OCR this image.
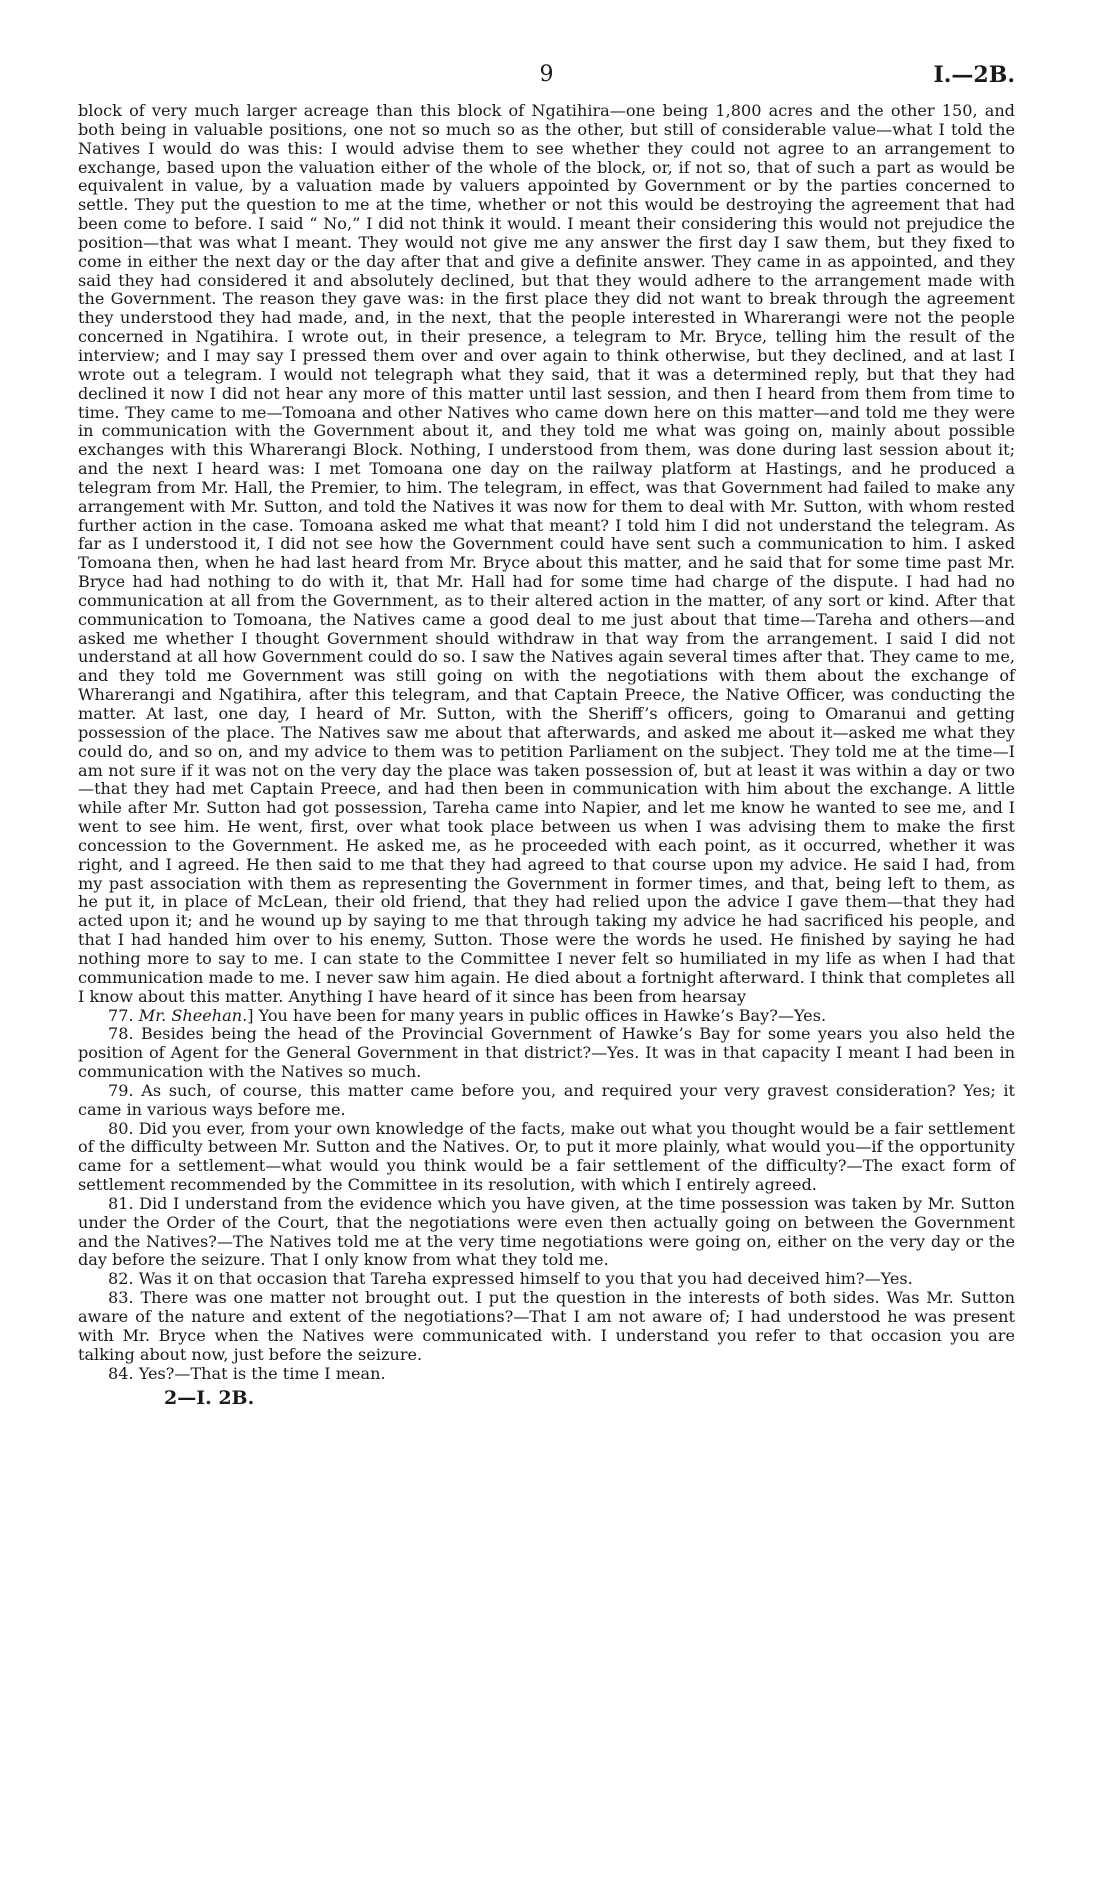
9	I.—2B.

block of very much larger acreage than this block of Ngatihira—one being 1,800 acres and the other 150, and both being in valuable positions, one not so much so as the other, but still of considerable value—what I told the Natives I would do was this: I would advise them to see whether they could not agree to an arrangement to exchange, based upon the valuation either of the whole of the block, or, if not so, that of such a part as would be equivalent in value, by a valuation made by valuers appointed by Government or by the parties concerned to settle. They put the question to me at the time, whether or not this would be destroying the agreement that had been come to before. I said “ No,” I did not think it would. I meant their considering this would not prejudice the position—that was what I meant. They would not give me any answer the first day I saw them, but they fixed to come in either the next day or the day after that and give a definite answer. They came in as appointed, and they said they had considered it and absolutely declined, but that they would adhere to the arrangement made with the Government. The reason they gave was: in the first place they did not want to break through the agreement they understood they had made, and, in the next, that the people interested in Wharerangi were not the people concerned in Ngatihira. I wrote out, in their presence, a telegram to Mr. Bryce, telling him the result of the interview; and I may say I pressed them over and over again to think otherwise, but they declined, and at last I wrote out a telegram. I would not telegraph what they said, that it was a determined reply, but that they had declined it now I did not hear any more of this matter until last session, and then I heard from them from time to time. They came to me—Tomoana and other Natives who came down here on this matter—and told me they were in communication with the Government about it, and they told me what was going on, mainly about possible exchanges with this Wharerangi Block. Nothing, I understood from them, was done during last session about it; and the next I heard was: I met Tomoana one day on the railway platform at Hastings, and he produced a telegram from Mr. Hall, the Premier, to him. The telegram, in effect, was that Government had failed to make any arrangement with Mr. Sutton, and told the Natives it was now for them to deal with Mr. Sutton, with whom rested further action in the case. Tomoana asked me what that meant? I told him I did not understand the telegram. As far as I understood it, I did not see how the Government could have sent such a communication to him. I asked Tomoana then, when he had last heard from Mr. Bryce about this matter, and he said that for some time past Mr. Bryce had had nothing to do with it, that Mr. Hall had for some time had charge of the dispute. I had had no communication at all from the Government, as to their altered action in the matter, of any sort or kind. After that communication to Tomoana, the Natives came a good deal to me just about that time—Tareha and others—and asked me whether I thought Government should withdraw in that way from the arrangement. I said I did not understand at all how Government could do so. I saw the Natives again several times after that. They came to me, and they told me Government was still going on with the negotiations with them about the exchange of Wharerangi and Ngatihira, after this telegram, and that Captain Preece, the Native Officer, was conducting the matter. At last, one day, I heard of Mr. Sutton, with the Sheriff’s officers, going to Omaranui and getting possession of the place. The Natives saw me about that afterwards, and asked me about it—asked me what they could do, and so on, and my advice to them was to petition Parliament on the subject. They told me at the time—I am not sure if it was not on the very day the place was taken possession of, but at least it was within a day or two—that they had met Captain Preece, and had then been in communication with him about the exchange. A little while after Mr. Sutton had got possession, Tareha came into Napier, and let me know he wanted to see me, and I went to see him. He went, first, over what took place between us when I was advising them to make the first concession to the Government. He asked me, as he proceeded with each point, as it occurred, whether it was right, and I agreed. He then said to me that they had agreed to that course upon my advice. He said I had, from my past association with them as representing the Government in former times, and that, being left to them, as he put it, in place of McLean, their old friend, that they had relied upon the advice I gave them—that they had acted upon it; and he wound up by saying to me that through taking my advice he had sacrificed his people, and that I had handed him over to his enemy, Sutton. Those were the words he used. He finished by saying he had nothing more to say to me. I can state to the Committee I never felt so humiliated in my life as when I had that communication made to me. I never saw him again. He died about a fortnight afterward. I think that completes all I know about this matter. Anything I have heard of it since has been from hearsay

77. Mr. Sheehan.] You have been for many years in public offices in Hawke’s Bay?—Yes.

78. Besides being the head of the Provincial Government of Hawke’s Bay for some years you also held the position of Agent for the General Government in that district?—Yes. It was in that capacity I meant I had been in communication with the Natives so much.

79. As such, of course, this matter came before you, and required your very gravest consideration? Yes; it came in various ways before me.

80. Did you ever, from your own knowledge of the facts, make out what you thought would be a fair settlement of the difficulty between Mr. Sutton and the Natives. Or, to put it more plainly, what would you—if the opportunity came for a settlement—what would you think would be a fair settlement of the difficulty?—The exact form of settlement recommended by the Committee in its resolution, with which I entirely agreed.

81. Did I understand from the evidence which you have given, at the time possession was taken by Mr. Sutton under the Order of the Court, that the negotiations were even then actually going on between the Government and the Natives?—The Natives told me at the very time negotiations were going on, either on the very day or the day before the seizure. That I only know from what they told me.

82. Was it on that occasion that Tareha expressed himself to you that you had deceived him?—Yes.

83. There was one matter not brought out. I put the question in the interests of both sides. Was Mr. Sutton aware of the nature and extent of the negotiations?—That I am not aware of; I had understood he was present with Mr. Bryce when the Natives were communicated with. I understand you refer to that occasion you are talking about now, just before the seizure.

84. Yes?—That is the time I mean.

2—I. 2B.
